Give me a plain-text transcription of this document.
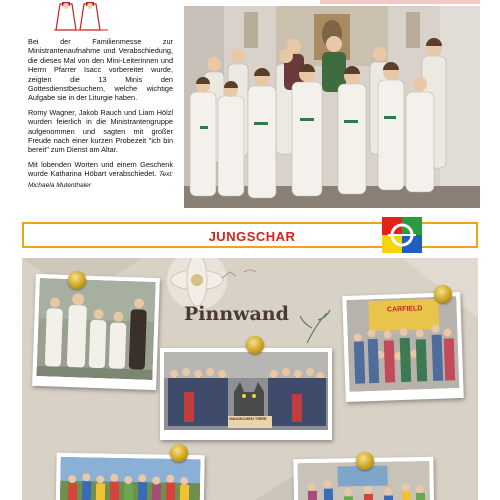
Bei der Familienmesse zur Ministrantenaufnahme und Verabschiedung, die dieses Mal von den Mini-Leiterinnen und Herrn Pfarrer Isacc vorbereitet wurde, zeigten die 13 Minis den Gottesdienstbesuchern, welche wichtige Aufgabe sie in der Liturgie haben.

Romy Wagner, Jakob Rauch und Liam Hölzl wurden feierlich in die Ministrantengruppe aufgenommen und sagten mit großer Freude nach einer kurzen Probezeit "ich bin bereit" zum Dienst am Altar.

Mit lobenden Worten und einem Geschenk wurde Katharina Höbart verabschiedet. Text: Michaela Mutenthaler

JUNGSCHAR
Pinnwand
MAGISCHEN TIERE
CARFIELD
